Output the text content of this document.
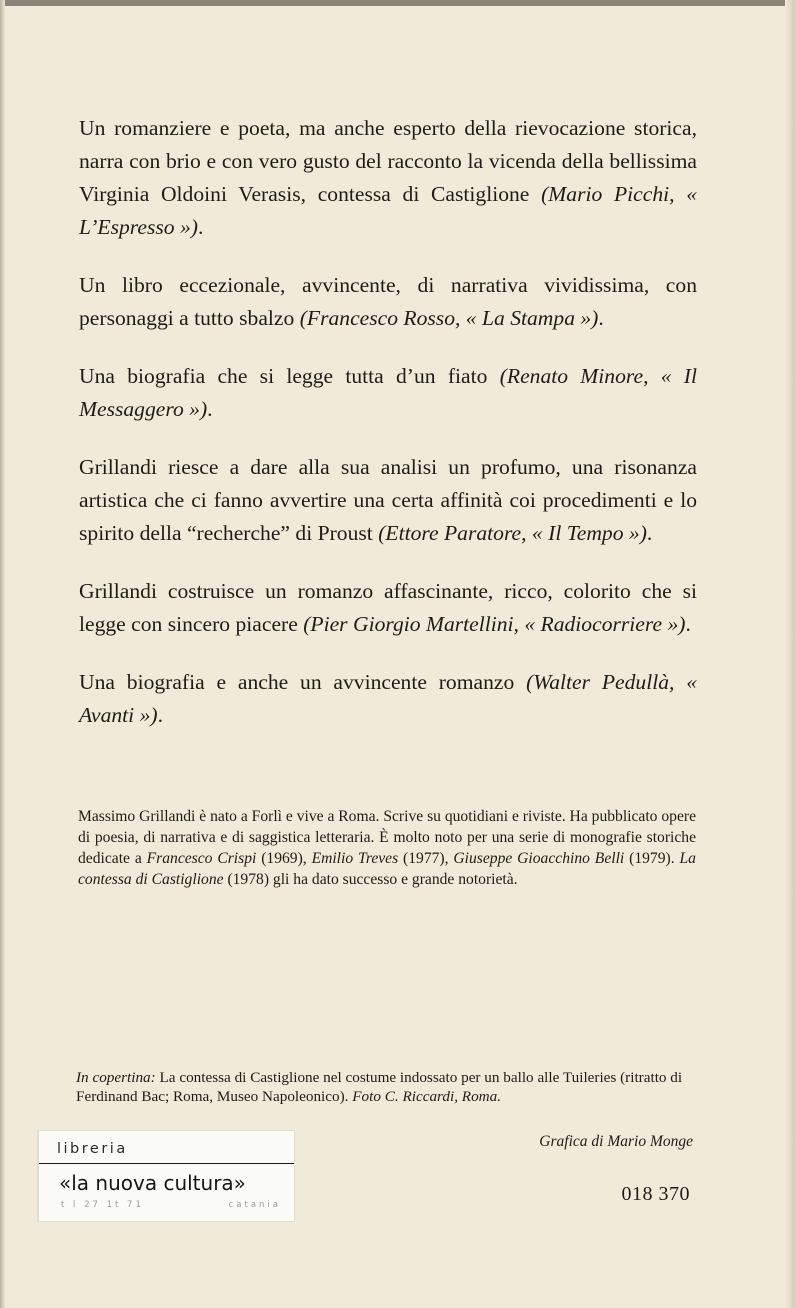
Un romanziere e poeta, ma anche esperto della rievocazione storica, narra con brio e con vero gusto del racconto la vicenda della bellissima Virginia Oldoini Verasis, contessa di Castiglione (Mario Picchi, « L’Espresso »).

Un libro eccezionale, avvincente, di narrativa vividissima, con personaggi a tutto sbalzo (Francesco Rosso, « La Stampa »).

Una biografia che si legge tutta d’un fiato (Renato Minore, « Il Messaggero »).

Grillandi riesce a dare alla sua analisi un profumo, una risonanza artistica che ci fanno avvertire una certa affinità coi procedimenti e lo spirito della “recherche” di Proust (Ettore Paratore, « Il Tempo »).

Grillandi costruisce un romanzo affascinante, ricco, colorito che si legge con sincero piacere (Pier Giorgio Martellini, « Radiocorriere »).

Una biografia e anche un avvincente romanzo (Walter Pedullà, « Avanti »).

Massimo Grillandi è nato a Forlì e vive a Roma. Scrive su quotidiani e riviste. Ha pubblicato opere di poesia, di narrativa e di saggistica letteraria. È molto noto per una serie di monografie storiche dedicate a Francesco Crispi (1969), Emilio Treves (1977), Giuseppe Gioacchino Belli (1979). La contessa di Castiglione (1978) gli ha dato successo e grande notorietà.
In copertina: La contessa di Castiglione nel costume indossato per un ballo alle Tuileries (ritratto di Ferdinand Bac; Roma, Museo Napoleonico). Foto C. Riccardi, Roma.
Grafica di Mario Monge
018 370
libreria
«la nuova cultura»
t l 27 1t 71	catania
